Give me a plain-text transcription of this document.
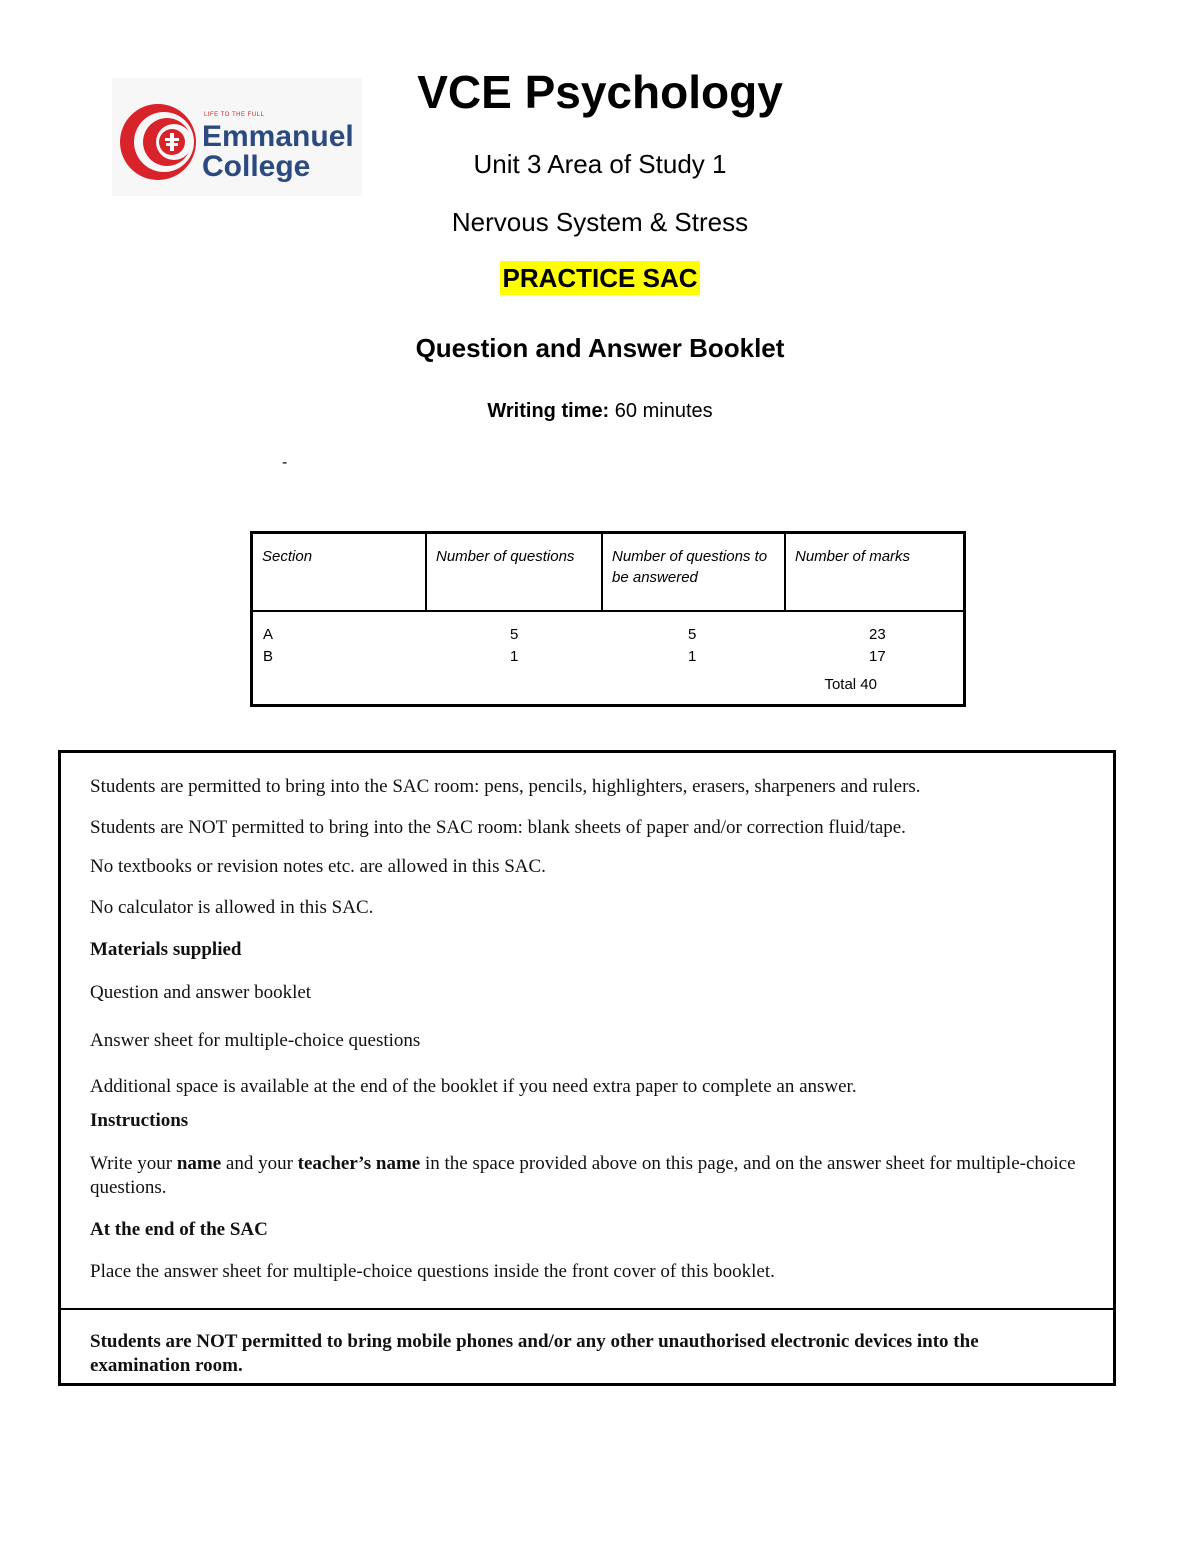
LIFE TO THE FULL
Emmanuel
College
VCE Psychology
Unit 3 Area of Study 1
Nervous System & Stress
PRACTICE SAC
Question and Answer Booklet
Writing time: 60 minutes
-
Section	Number of questions	Number of questions to be answered	Number of marks
A	5	5	23
B	1	1	17
Total 40			
Students are permitted to bring into the SAC room: pens, pencils, highlighters, erasers, sharpeners and rulers.
Students are NOT permitted to bring into the SAC room: blank sheets of paper and/or correction fluid/tape.
No textbooks or revision notes etc. are allowed in this SAC.
No calculator is allowed in this SAC.
Materials supplied
Question and answer booklet
Answer sheet for multiple-choice questions
Additional space is available at the end of the booklet if you need extra paper to complete an answer.
Instructions
Write your name and your teacher’s name in the space provided above on this page, and on the answer sheet for multiple-choice questions.
At the end of the SAC
Place the answer sheet for multiple-choice questions inside the front cover of this booklet.
Students are NOT permitted to bring mobile phones and/or any other unauthorised electronic devices into the examination room.
